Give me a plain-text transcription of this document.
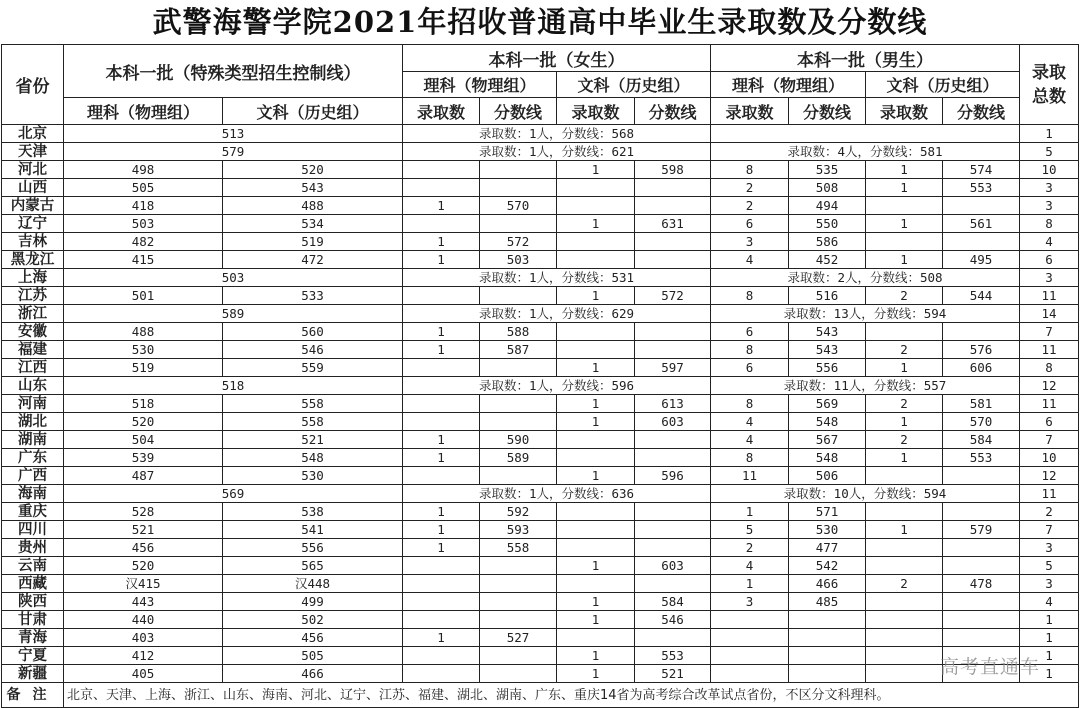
武警海警学院2021年招收普通高中毕业生录取数及分数线
省份	本科一批（特殊类型招生控制线）		本科一批（女生）				本科一批（男生）				录取总数
			理科（物理组）		文科（历史组）		理科（物理组）		文科（历史组）		
	理科（物理组）	文科（历史组）	录取数	分数线	录取数	分数线	录取数	分数线	录取数	分数线	
北京	513		录取数：1人，分数线：568								1
天津	579		录取数：1人，分数线：621				录取数：4人，分数线：581				5
河北	498	520			1	598	8	535	1	574	10
山西	505	543					2	508	1	553	3
内蒙古	418	488	1	570			2	494			3
辽宁	503	534			1	631	6	550	1	561	8
吉林	482	519	1	572			3	586			4
黑龙江	415	472	1	503			4	452	1	495	6
上海	503		录取数：1人，分数线：531				录取数：2人，分数线：508				3
江苏	501	533			1	572	8	516	2	544	11
浙江	589		录取数：1人，分数线：629				录取数：13人，分数线：594				14
安徽	488	560	1	588			6	543			7
福建	530	546	1	587			8	543	2	576	11
江西	519	559			1	597	6	556	1	606	8
山东	518		录取数：1人，分数线：596				录取数：11人，分数线：557				12
河南	518	558			1	613	8	569	2	581	11
湖北	520	558			1	603	4	548	1	570	6
湖南	504	521	1	590			4	567	2	584	7
广东	539	548	1	589			8	548	1	553	10
广西	487	530			1	596	11	506			12
海南	569		录取数：1人，分数线：636				录取数：10人，分数线：594				11
重庆	528	538	1	592			1	571			2
四川	521	541	1	593			5	530	1	579	7
贵州	456	556	1	558			2	477			3
云南	520	565			1	603	4	542			5
西藏	汉415	汉448					1	466	2	478	3
陕西	443	499			1	584	3	485			4
甘肃	440	502			1	546					1
青海	403	456	1	527							1
宁夏	412	505			1	553					1
新疆	405	466			1	521					1
备注	北京、天津、上海、浙江、山东、海南、河北、辽宁、江苏、福建、湖北、湖南、广东、重庆14省为高考综合改革试点省份，不区分文科理科。										
高考直通车
